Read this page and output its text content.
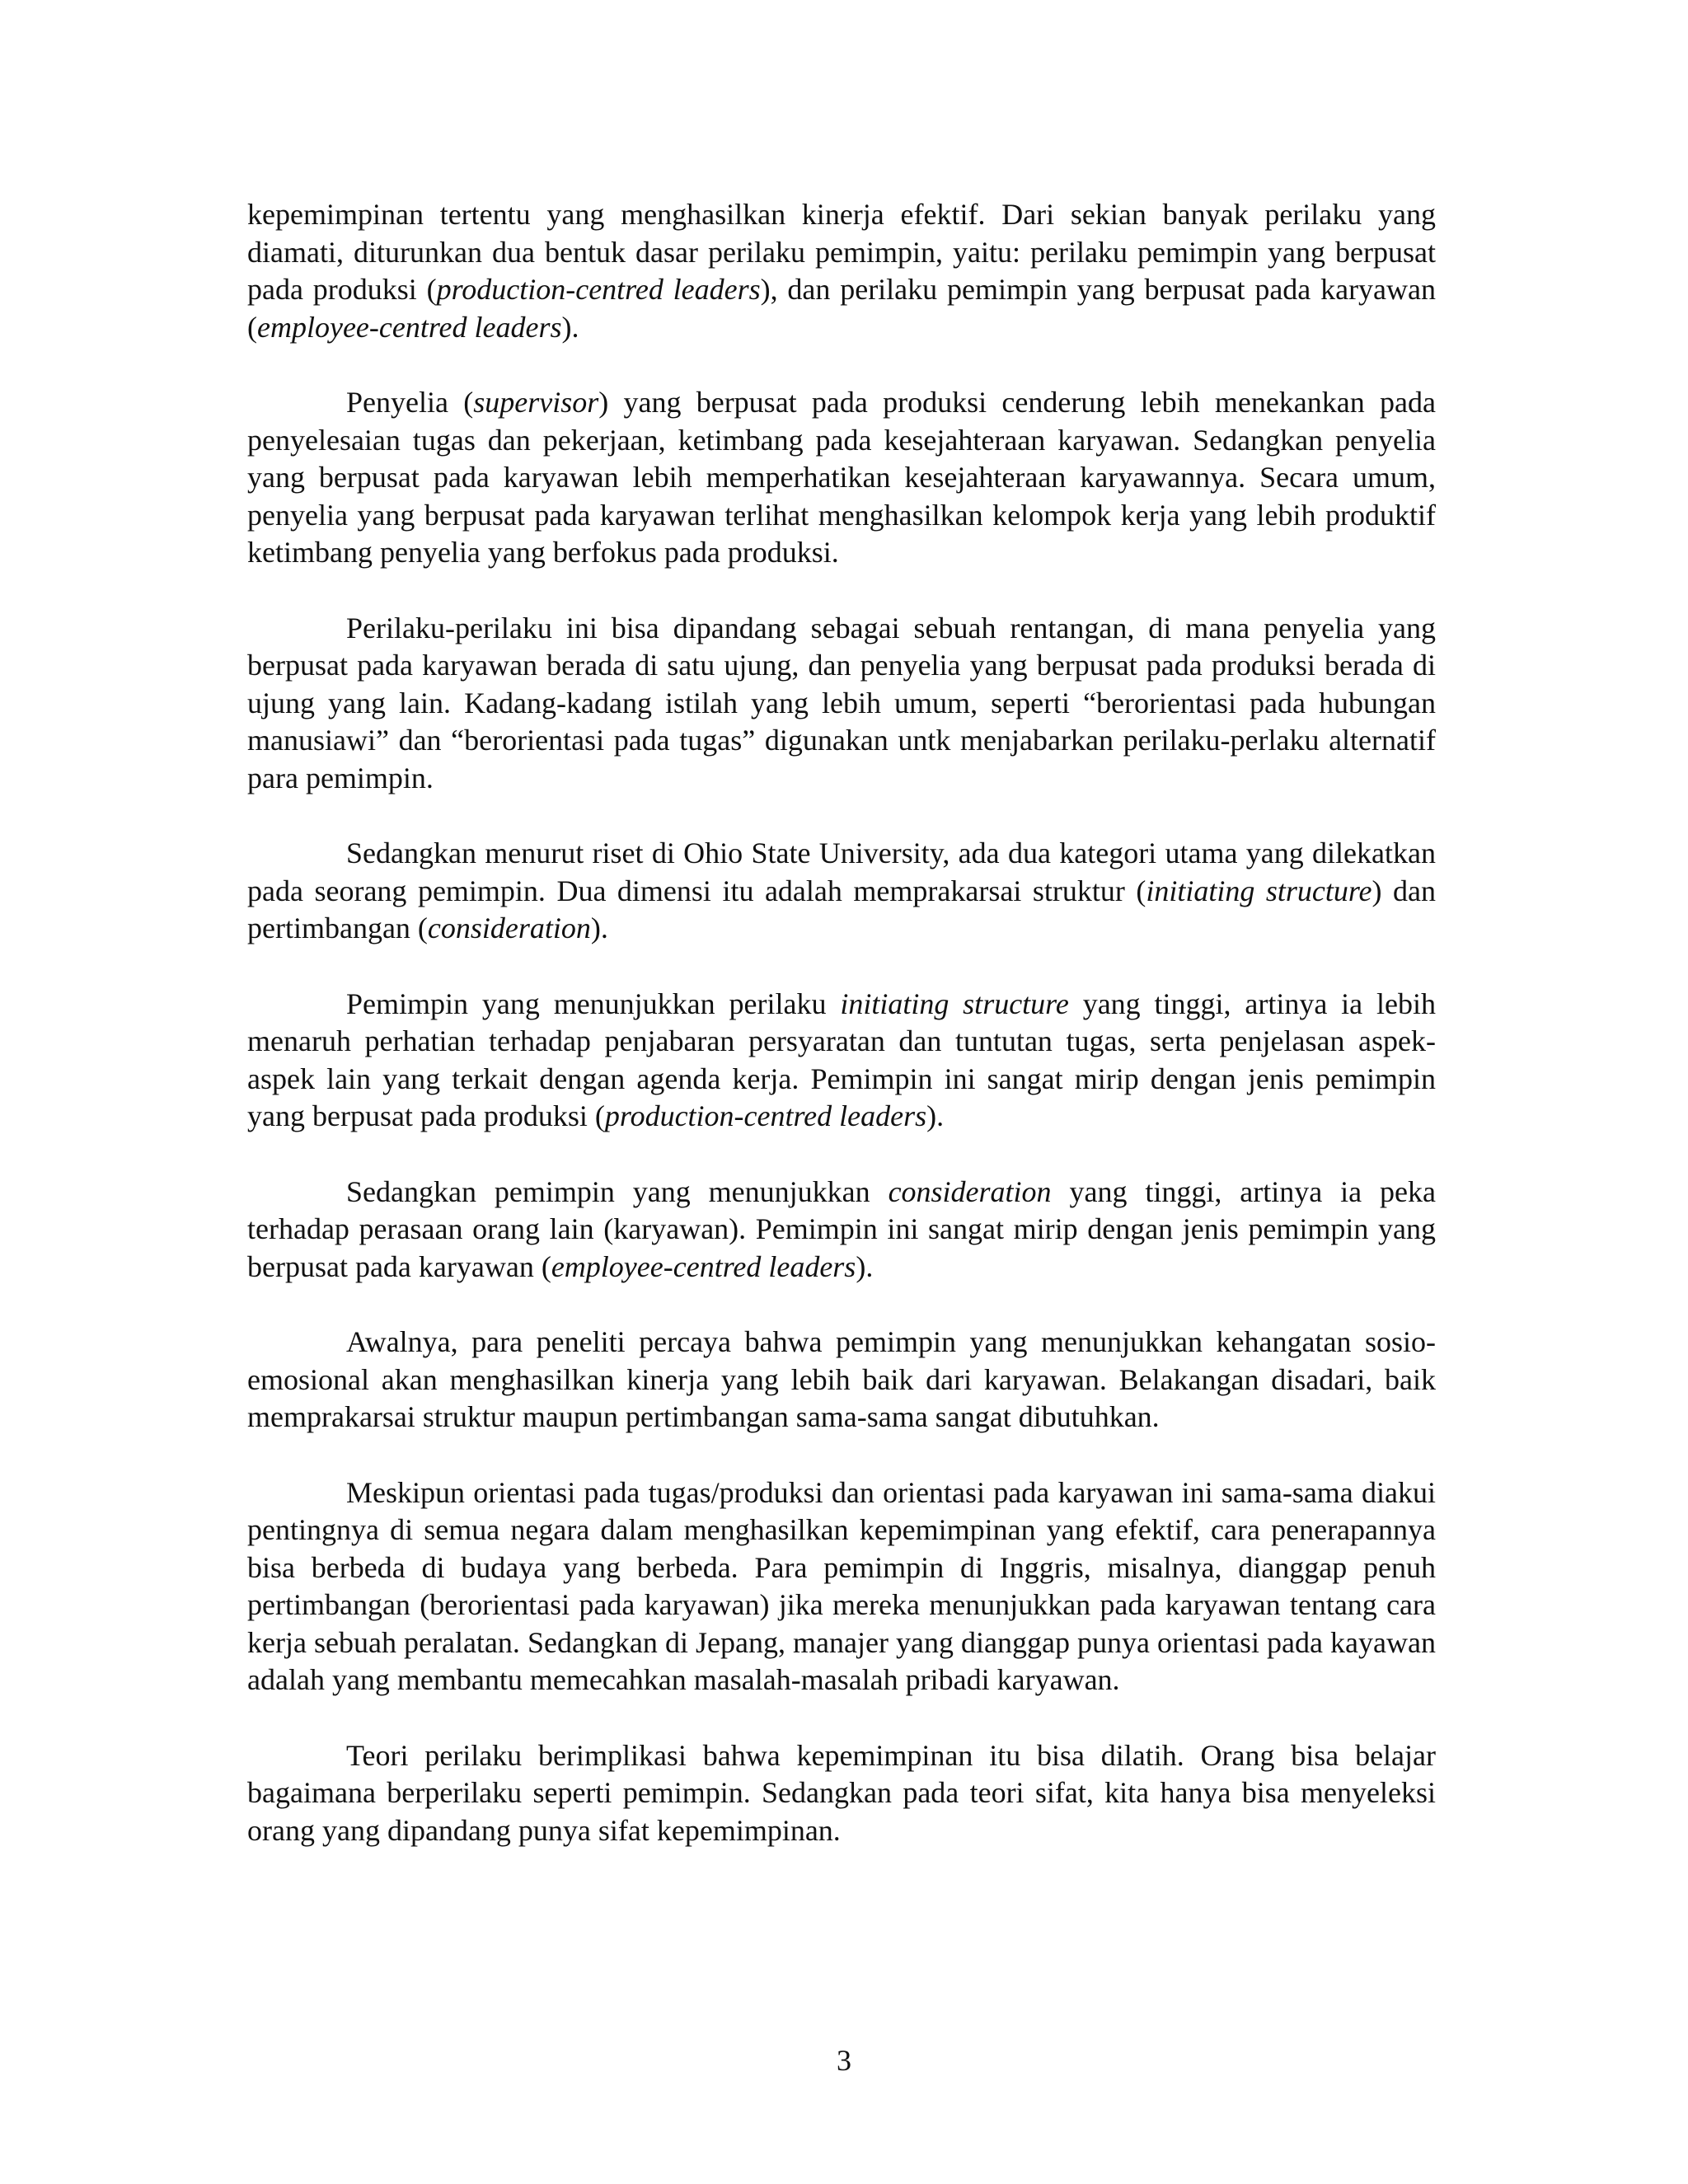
kepemimpinan tertentu yang menghasilkan kinerja efektif. Dari sekian banyak perilaku yang diamati, diturunkan dua bentuk dasar perilaku pemimpin, yaitu: perilaku pemimpin yang berpusat pada produksi (production-centred leaders), dan perilaku pemimpin yang berpusat pada karyawan (employee-centred leaders).

Penyelia (supervisor) yang berpusat pada produksi cenderung lebih menekankan pada penyelesaian tugas dan pekerjaan, ketimbang pada kesejahteraan karyawan. Sedangkan penyelia yang berpusat pada karyawan lebih memperhatikan kesejahteraan karyawannya. Secara umum, penyelia yang berpusat pada karyawan terlihat menghasilkan kelompok kerja yang lebih produktif ketimbang penyelia yang berfokus pada produksi.

Perilaku-perilaku ini bisa dipandang sebagai sebuah rentangan, di mana penyelia yang berpusat pada karyawan berada di satu ujung, dan penyelia yang berpusat pada produksi berada di ujung yang lain. Kadang-kadang istilah yang lebih umum, seperti “berorientasi pada hubungan manusiawi” dan “berorientasi pada tugas” digunakan untk menjabarkan perilaku-perlaku alternatif para pemimpin.

Sedangkan menurut riset di Ohio State University, ada dua kategori utama yang dilekatkan pada seorang pemimpin. Dua dimensi itu adalah memprakarsai struktur (initiating structure) dan pertimbangan (consideration).

Pemimpin yang menunjukkan perilaku initiating structure yang tinggi, artinya ia lebih menaruh perhatian terhadap penjabaran persyaratan dan tuntutan tugas, serta penjelasan aspek-aspek lain yang terkait dengan agenda kerja. Pemimpin ini sangat mirip dengan jenis pemimpin yang berpusat pada produksi (production-centred leaders).

Sedangkan pemimpin yang menunjukkan consideration yang tinggi, artinya ia peka terhadap perasaan orang lain (karyawan). Pemimpin ini sangat mirip dengan jenis pemimpin yang berpusat pada karyawan (employee-centred leaders).

Awalnya, para peneliti percaya bahwa pemimpin yang menunjukkan kehangatan sosio-emosional akan menghasilkan kinerja yang lebih baik dari karyawan. Belakangan disadari, baik memprakarsai struktur maupun pertimbangan sama-sama sangat dibutuhkan.

Meskipun orientasi pada tugas/produksi dan orientasi pada karyawan ini sama-sama diakui pentingnya di semua negara dalam menghasilkan kepemimpinan yang efektif, cara penerapannya bisa berbeda di budaya yang berbeda. Para pemimpin di Inggris, misalnya, dianggap penuh pertimbangan (berorientasi pada karyawan) jika mereka menunjukkan pada karyawan tentang cara kerja sebuah peralatan. Sedangkan di Jepang, manajer yang dianggap punya orientasi pada kayawan adalah yang membantu memecahkan masalah-masalah pribadi karyawan.

Teori perilaku berimplikasi bahwa kepemimpinan itu bisa dilatih. Orang bisa belajar bagaimana berperilaku seperti pemimpin. Sedangkan pada teori sifat, kita hanya bisa menyeleksi orang yang dipandang punya sifat kepemimpinan.

3
